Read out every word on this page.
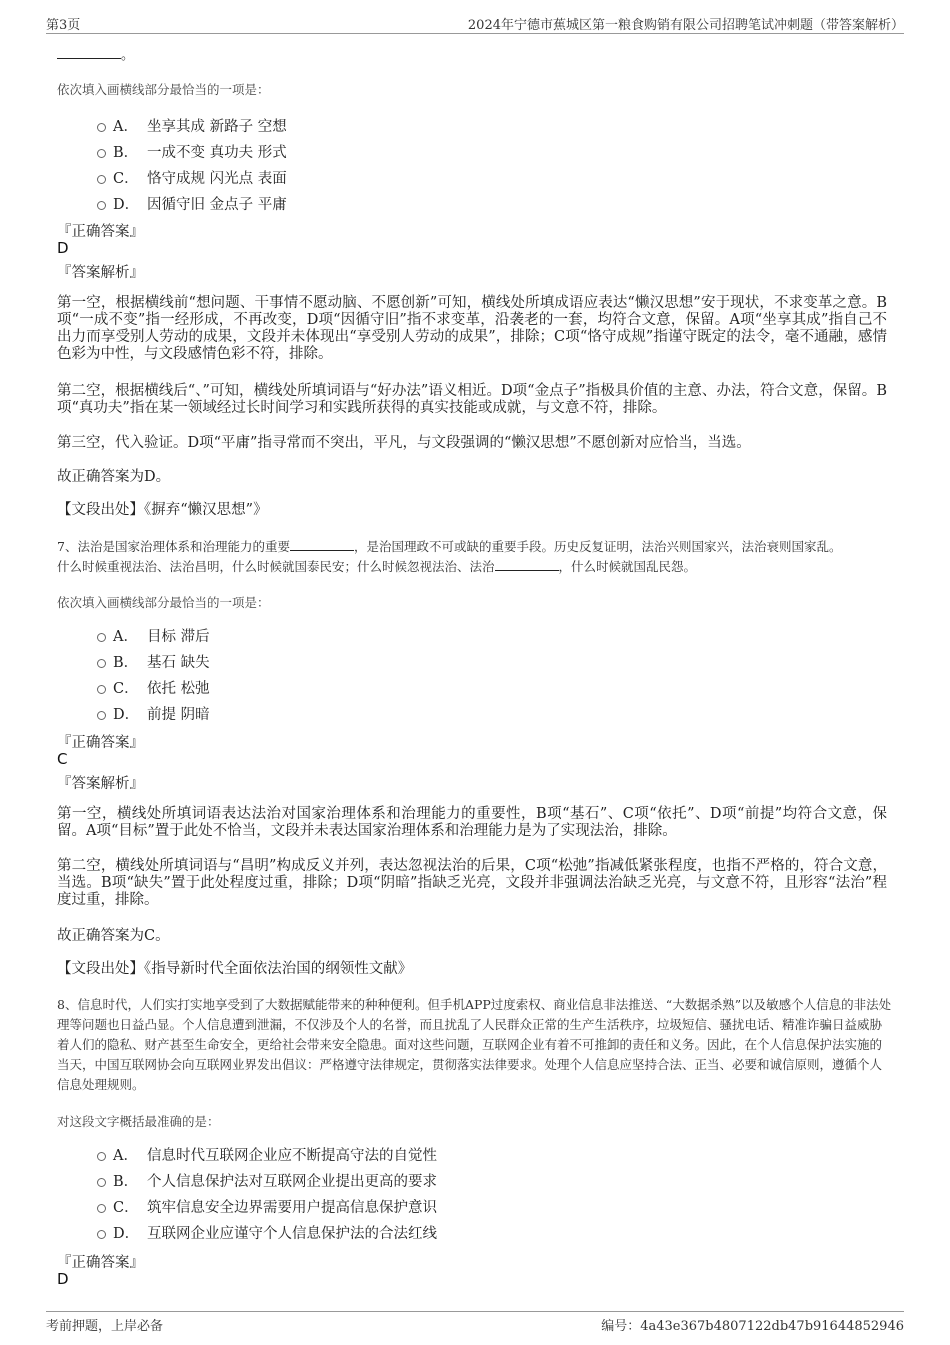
第3页	2024年宁德市蕉城区第一粮食购销有限公司招聘笔试冲刺题（带答案解析）
。
依次填入画横线部分最恰当的一项是：
A． 坐享其成 新路子 空想
B． 一成不变 真功夫 形式
C． 恪守成规 闪光点 表面
D． 因循守旧 金点子 平庸
『正确答案』
D
『答案解析』
第一空，根据横线前“想问题、干事情不愿动脑、不愿创新”可知，横线处所填成语应表达“懒汉思想”安于现状，不求变革之意。B项“一成不变”指一经形成，不再改变，D项“因循守旧”指不求变革，沿袭老的一套，均符合文意，保留。A项“坐享其成”指自己不出力而享受别人劳动的成果，文段并未体现出“享受别人劳动的成果”，排除；C项“恪守成规”指谨守既定的法令，毫不通融，感情色彩为中性，与文段感情色彩不符，排除。
第二空，根据横线后“、”可知，横线处所填词语与“好办法”语义相近。D项“金点子”指极具价值的主意、办法，符合文意，保留。B项“真功夫”指在某一领域经过长时间学习和实践所获得的真实技能或成就，与文意不符，排除。
第三空，代入验证。D项“平庸”指寻常而不突出，平凡，与文段强调的“懒汉思想”不愿创新对应恰当，当选。
故正确答案为D。
【文段出处】《摒弃“懒汉思想”》
7、法治是国家治理体系和治理能力的重要	，是治国理政不可或缺的重要手段。历史反复证明，法治兴则国家兴，法治衰则国家乱。
什么时候重视法治、法治昌明，什么时候就国泰民安；什么时候忽视法治、法治	，什么时候就国乱民怨。
依次填入画横线部分最恰当的一项是：
A． 目标 滞后
B． 基石 缺失
C． 依托 松弛
D． 前提 阴暗
『正确答案』
C
『答案解析』
第一空，横线处所填词语表达法治对国家治理体系和治理能力的重要性，B项“基石”、C项“依托”、D项“前提”均符合文意，保留。A项“目标”置于此处不恰当，文段并未表达国家治理体系和治理能力是为了实现法治，排除。
第二空，横线处所填词语与“昌明”构成反义并列，表达忽视法治的后果，C项“松弛”指减低紧张程度，也指不严格的，符合文意，当选。B项“缺失”置于此处程度过重，排除；D项“阴暗”指缺乏光亮，文段并非强调法治缺乏光亮，与文意不符，且形容“法治”程度过重，排除。
故正确答案为C。
【文段出处】《指导新时代全面依法治国的纲领性文献》
8、信息时代，人们实打实地享受到了大数据赋能带来的种种便利。但手机APP过度索权、商业信息非法推送、“大数据杀熟”以及敏感个人信息的非法处理等问题也日益凸显。个人信息遭到泄漏，不仅涉及个人的名誉，而且扰乱了人民群众正常的生产生活秩序，垃圾短信、骚扰电话、精准诈骗日益威胁着人们的隐私、财产甚至生命安全，更给社会带来安全隐患。面对这些问题，互联网企业有着不可推卸的责任和义务。因此，在个人信息保护法实施的当天，中国互联网协会向互联网业界发出倡议：严格遵守法律规定，贯彻落实法律要求。处理个人信息应坚持合法、正当、必要和诚信原则，遵循个人信息处理规则。
对这段文字概括最准确的是：
A． 信息时代互联网企业应不断提高守法的自觉性
B． 个人信息保护法对互联网企业提出更高的要求
C． 筑牢信息安全边界需要用户提高信息保护意识
D． 互联网企业应谨守个人信息保护法的合法红线
『正确答案』
D
考前押题，上岸必备	编号：4a43e367b4807122db47b91644852946
